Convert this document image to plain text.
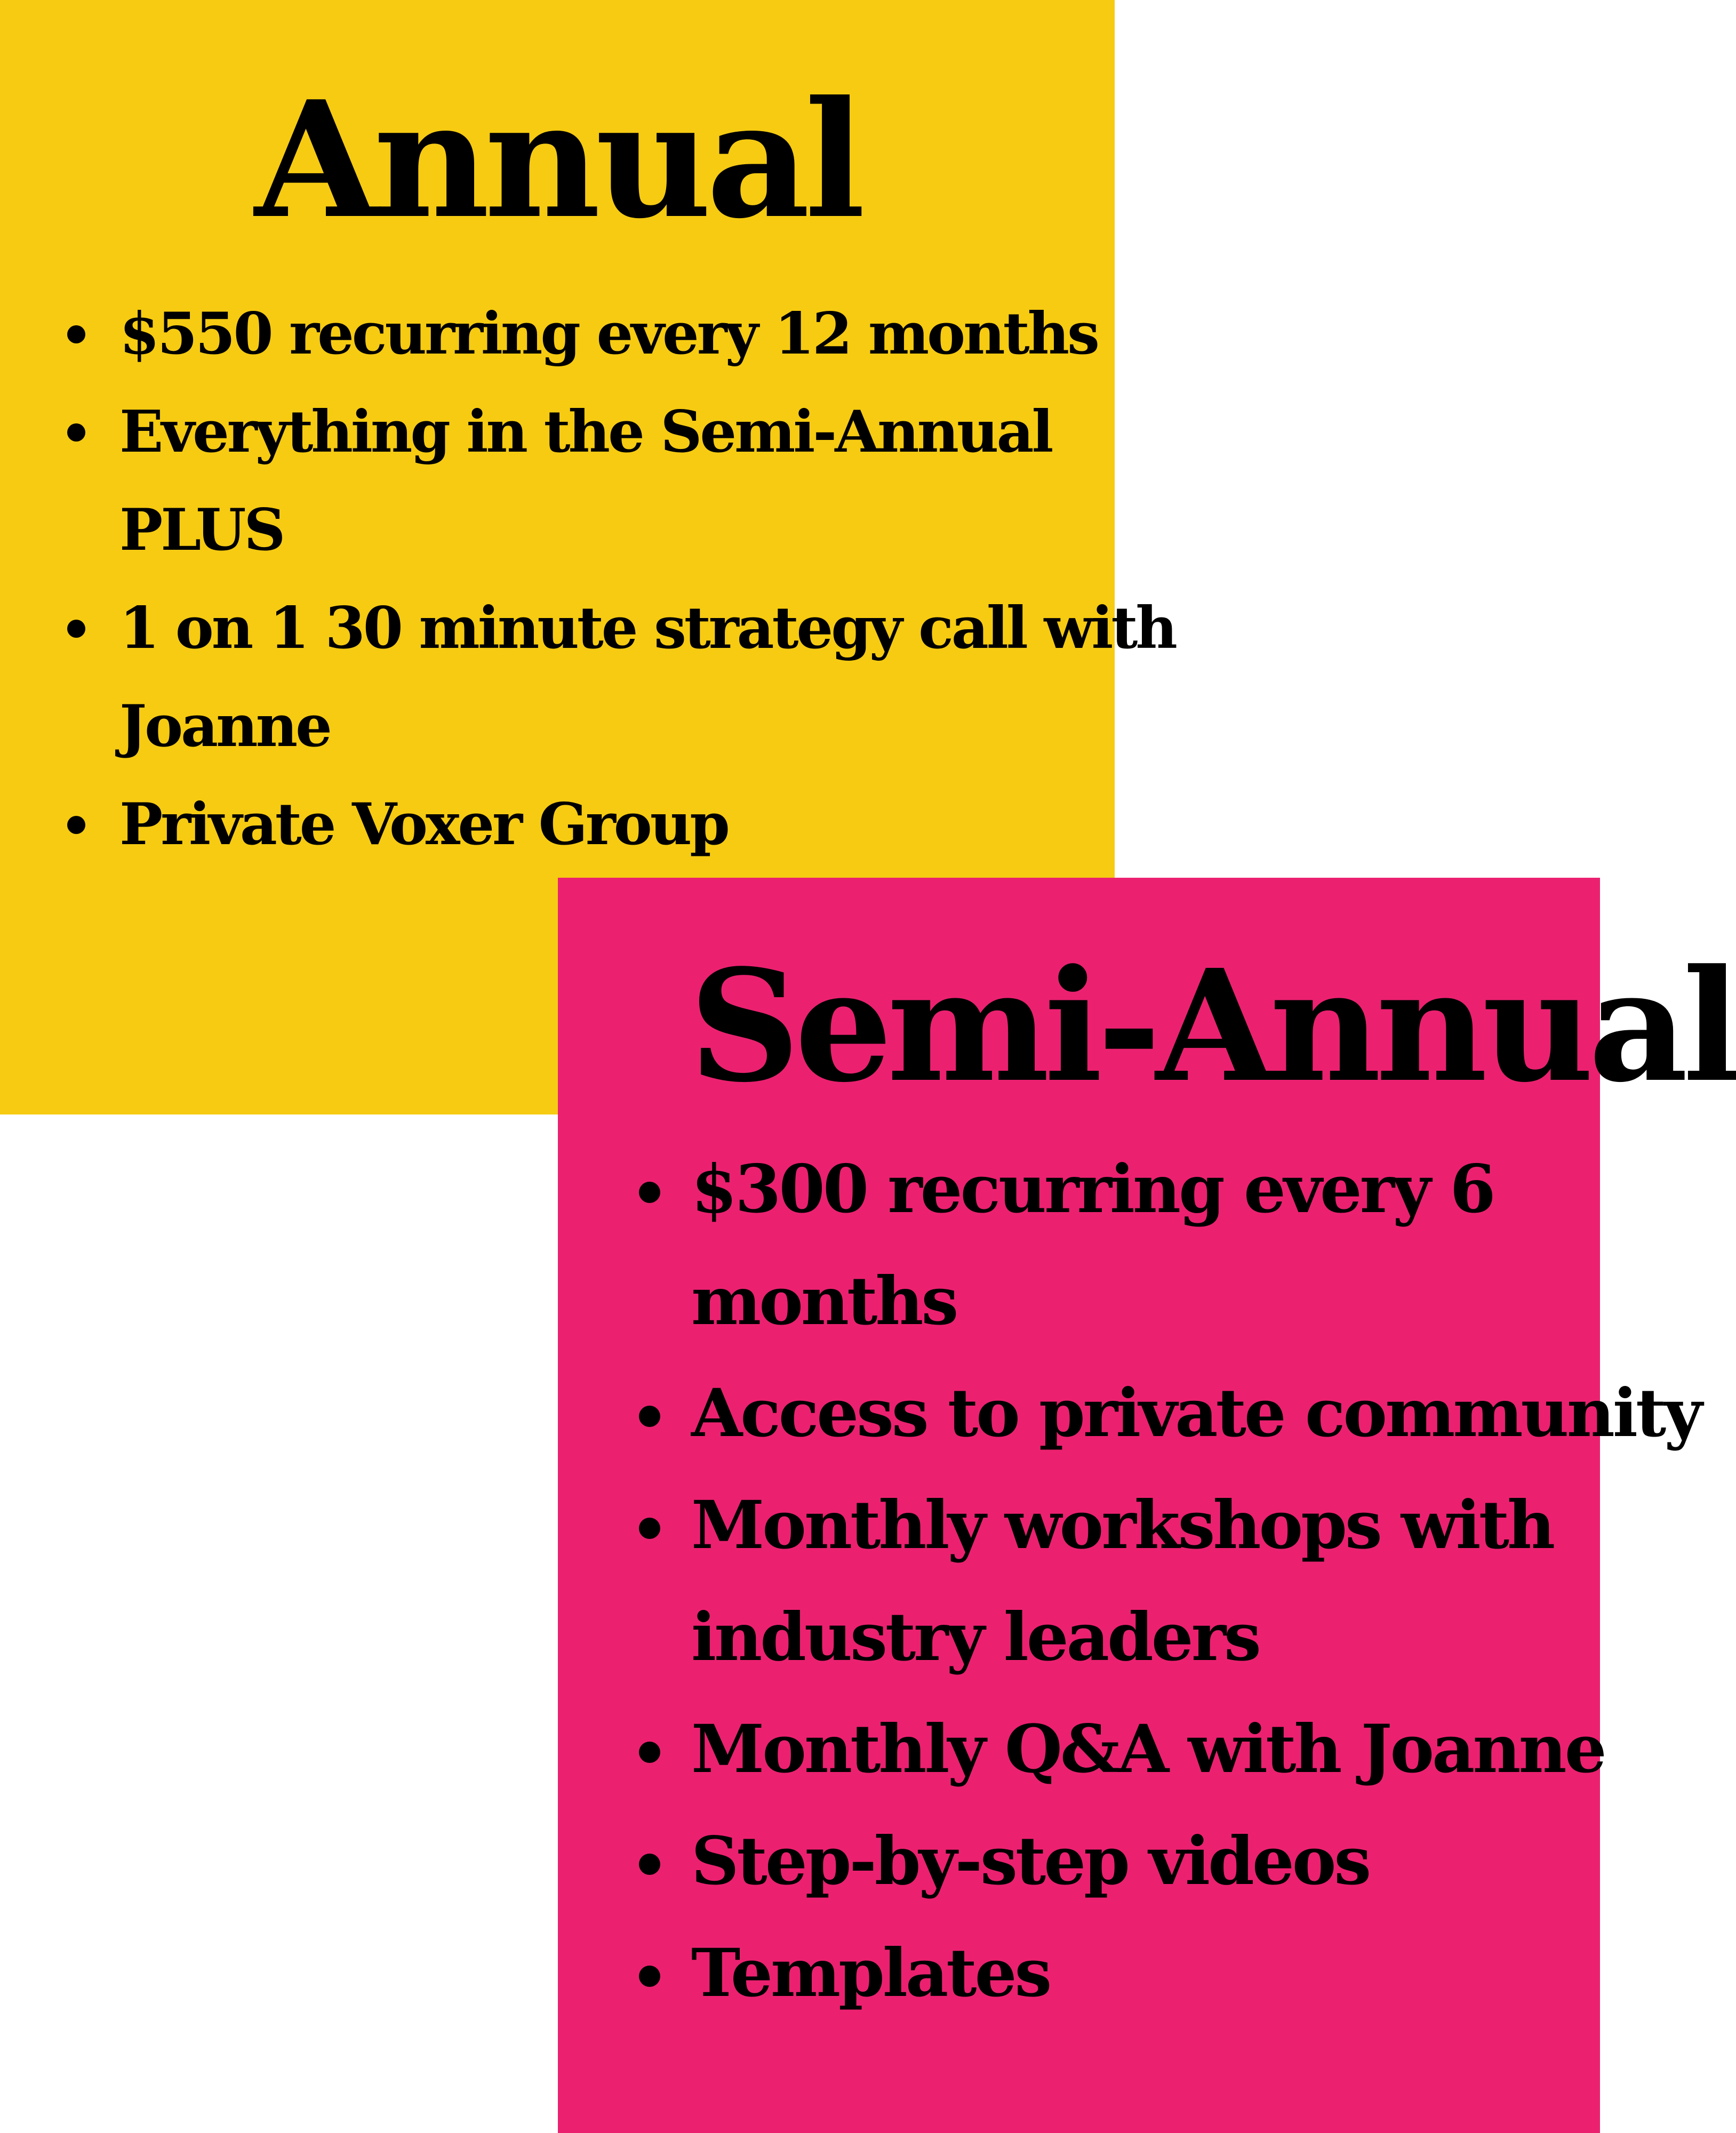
Annual
$550 recurring every 12 months
Everything in the Semi-Annual
PLUS
1 on 1 30 minute strategy call with
Joanne
Private Voxer Group
Semi-Annual
$300 recurring every 6
months
Access to private community
Monthly workshops with
industry leaders
Monthly Q&A with Joanne
Step-by-step videos
Templates
